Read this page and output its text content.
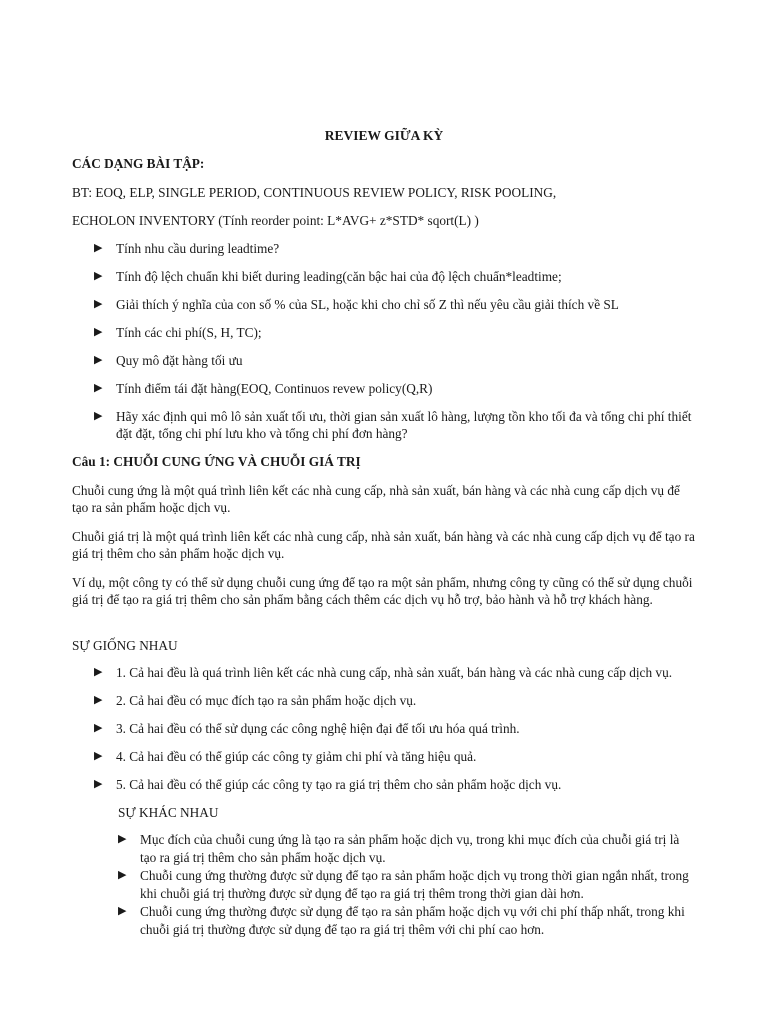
REVIEW GIỮA KỲ
CÁC DẠNG BÀI TẬP:
BT: EOQ, ELP, SINGLE PERIOD, CONTINUOUS REVIEW POLICY, RISK POOLING,
ECHOLON INVENTORY (Tính reorder point: L*AVG+ z*STD* sqort(L) )
▶ Tính nhu cầu during leadtime?
▶ Tính độ lệch chuẩn khi biết during leading(căn bậc hai của độ lệch chuẩn*leadtime;
▶ Giải thích ý nghĩa của con số % của SL, hoặc khi cho chỉ số Z thì nếu yêu cầu giải thích về SL
▶ Tính các chi phí(S, H, TC);
▶ Quy mô đặt hàng tối ưu
▶ Tính điểm tái đặt hàng(EOQ, Continuos revew policy(Q,R)
▶ Hãy xác định qui mô lô sản xuất tối ưu, thời gian sản xuất lô hàng, lượng tồn kho tối đa và tổng chi phí thiết đặt đặt, tổng chi phí lưu kho và tổng chi phí đơn hàng?
Câu 1: CHUỖI CUNG ỨNG VÀ CHUỖI GIÁ TRỊ
Chuỗi cung ứng là một quá trình liên kết các nhà cung cấp, nhà sản xuất, bán hàng và các nhà cung cấp dịch vụ để tạo ra sản phẩm hoặc dịch vụ.
Chuỗi giá trị là một quá trình liên kết các nhà cung cấp, nhà sản xuất, bán hàng và các nhà cung cấp dịch vụ để tạo ra giá trị thêm cho sản phẩm hoặc dịch vụ.
Ví dụ, một công ty có thể sử dụng chuỗi cung ứng để tạo ra một sản phẩm, nhưng công ty cũng có thể sử dụng chuỗi giá trị để tạo ra giá trị thêm cho sản phẩm bằng cách thêm các dịch vụ hỗ trợ, bảo hành và hỗ trợ khách hàng.
SỰ GIỐNG NHAU
▶ 1. Cả hai đều là quá trình liên kết các nhà cung cấp, nhà sản xuất, bán hàng và các nhà cung cấp dịch vụ.
▶ 2. Cả hai đều có mục đích tạo ra sản phẩm hoặc dịch vụ.
▶ 3. Cả hai đều có thể sử dụng các công nghệ hiện đại để tối ưu hóa quá trình.
▶ 4. Cả hai đều có thể giúp các công ty giảm chi phí và tăng hiệu quả.
▶ 5. Cả hai đều có thể giúp các công ty tạo ra giá trị thêm cho sản phẩm hoặc dịch vụ.
SỰ KHÁC NHAU
▶ Mục đích của chuỗi cung ứng là tạo ra sản phẩm hoặc dịch vụ, trong khi mục đích của chuỗi giá trị là tạo ra giá trị thêm cho sản phẩm hoặc dịch vụ.
▶ Chuỗi cung ứng thường được sử dụng để tạo ra sản phẩm hoặc dịch vụ trong thời gian ngắn nhất, trong khi chuỗi giá trị thường được sử dụng để tạo ra giá trị thêm trong thời gian dài hơn.
▶ Chuỗi cung ứng thường được sử dụng để tạo ra sản phẩm hoặc dịch vụ với chi phí thấp nhất, trong khi chuỗi giá trị thường được sử dụng để tạo ra giá trị thêm với chi phí cao hơn.
